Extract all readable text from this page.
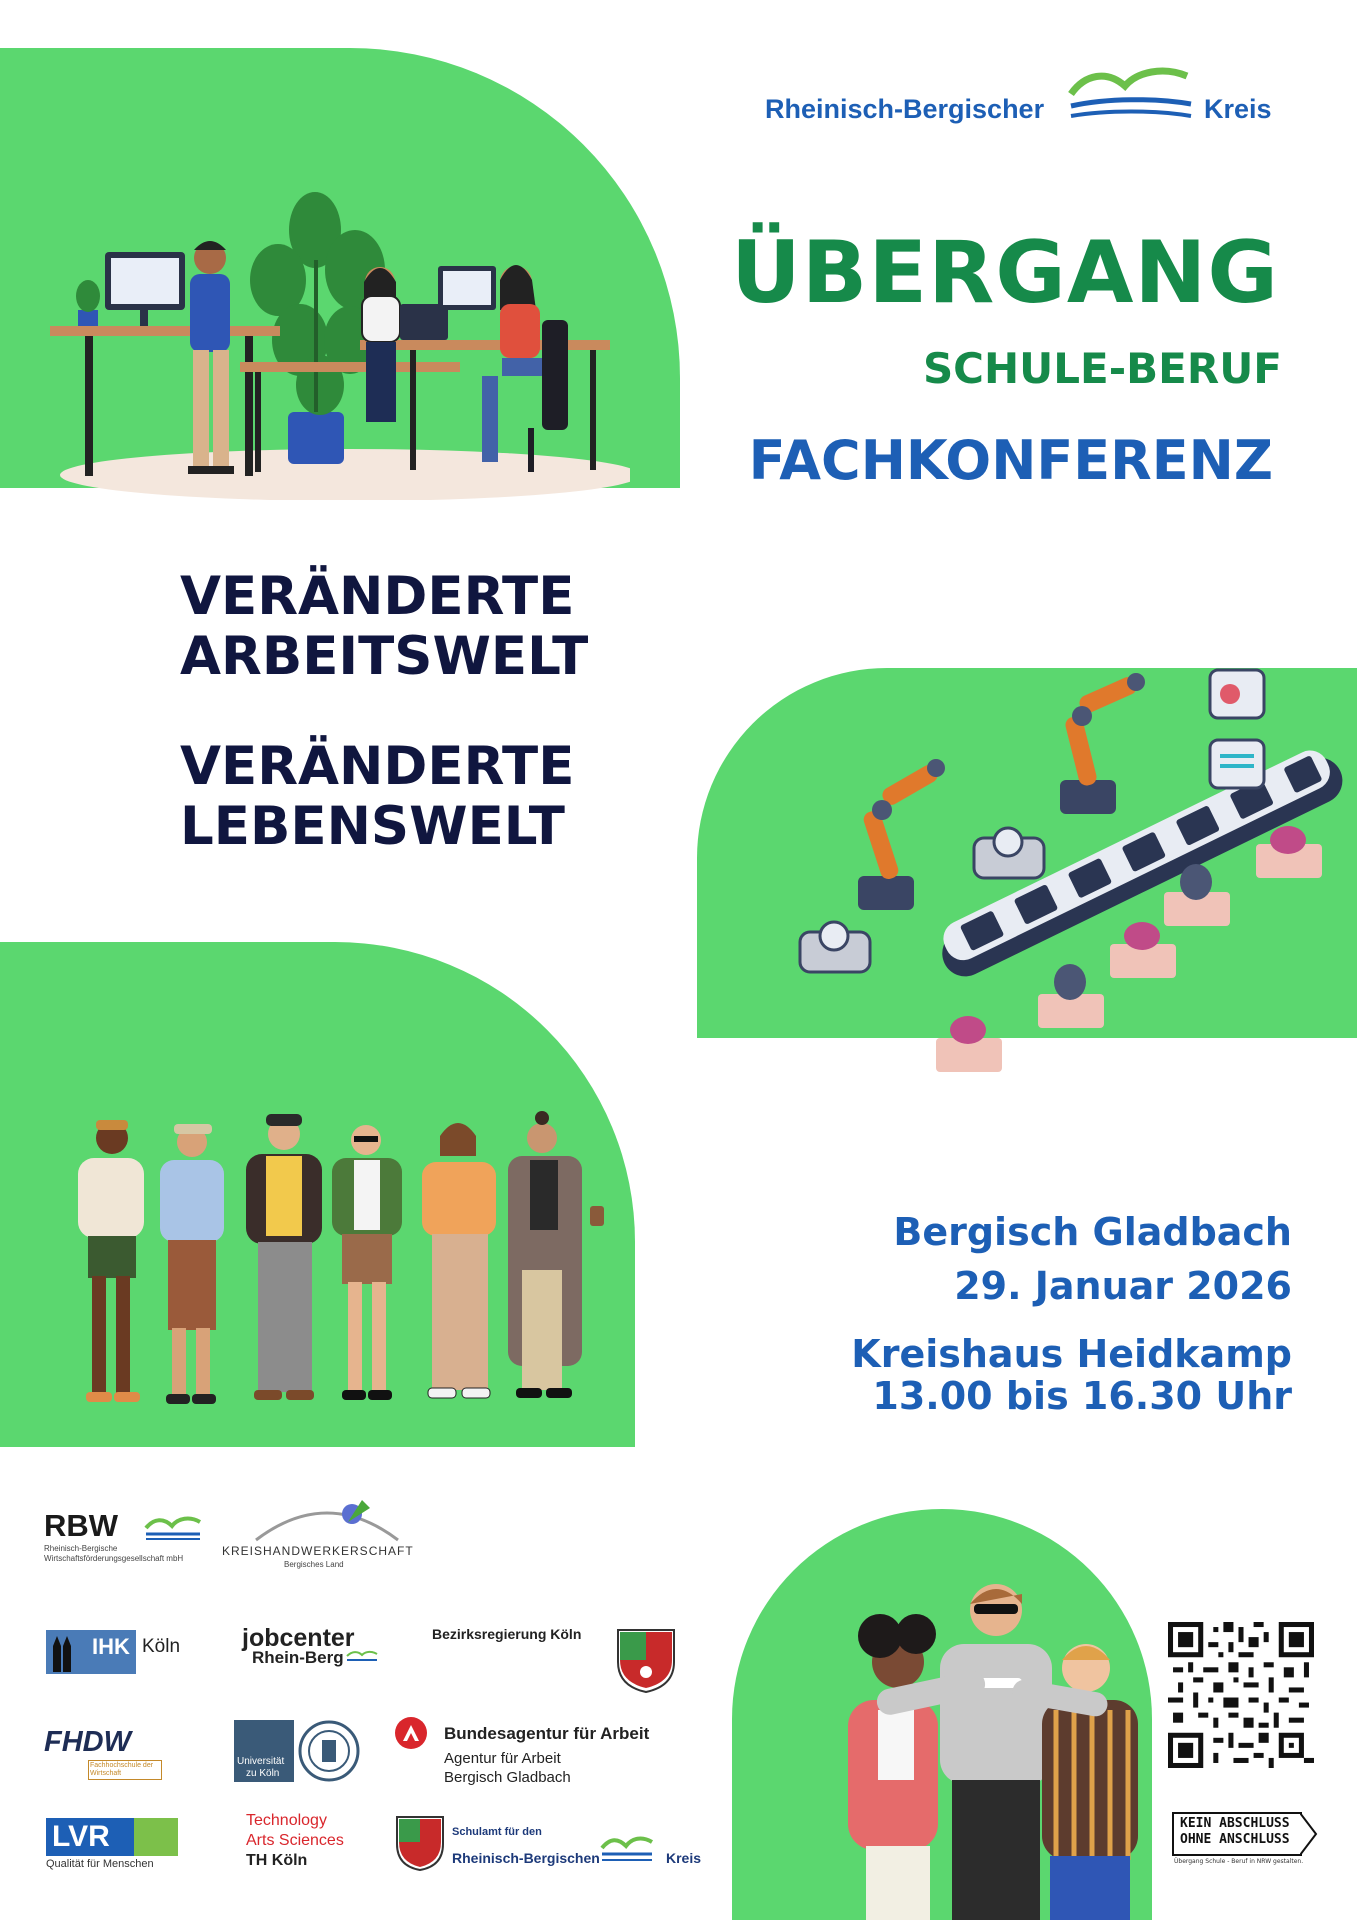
Rheinisch-Bergischer	Kreis
ÜBERGANG
SCHULE-BERUF
FACHKONFERENZ
VERÄNDERTE
ARBEITSWELT
VERÄNDERTE
LEBENSWELT
Bergisch Gladbach
29. Januar 2026
Kreishaus Heidkamp
13.00 bis 16.30 Uhr
KEIN ABSCHLUSS
OHNE ANSCHLUSS
Übergang Schule - Beruf in NRW gestalten.
RBW
Rheinisch-Bergische
Wirtschaftsförderungsgesellschaft mbH
KREISHANDWERKERSCHAFT
Bergisches Land
IHK Köln jobcenter
Rhein-Berg
Bezirksregierung Köln
FHDW
Fachhochschule der Wirtschaft
Universität
zu Köln
Bundesagentur für Arbeit
Agentur für Arbeit
Bergisch Gladbach
LVR
Qualität für Menschen
Technology
Arts Sciences
TH Köln
Schulamt für den
Rheinisch-Bergischen	Kreis
